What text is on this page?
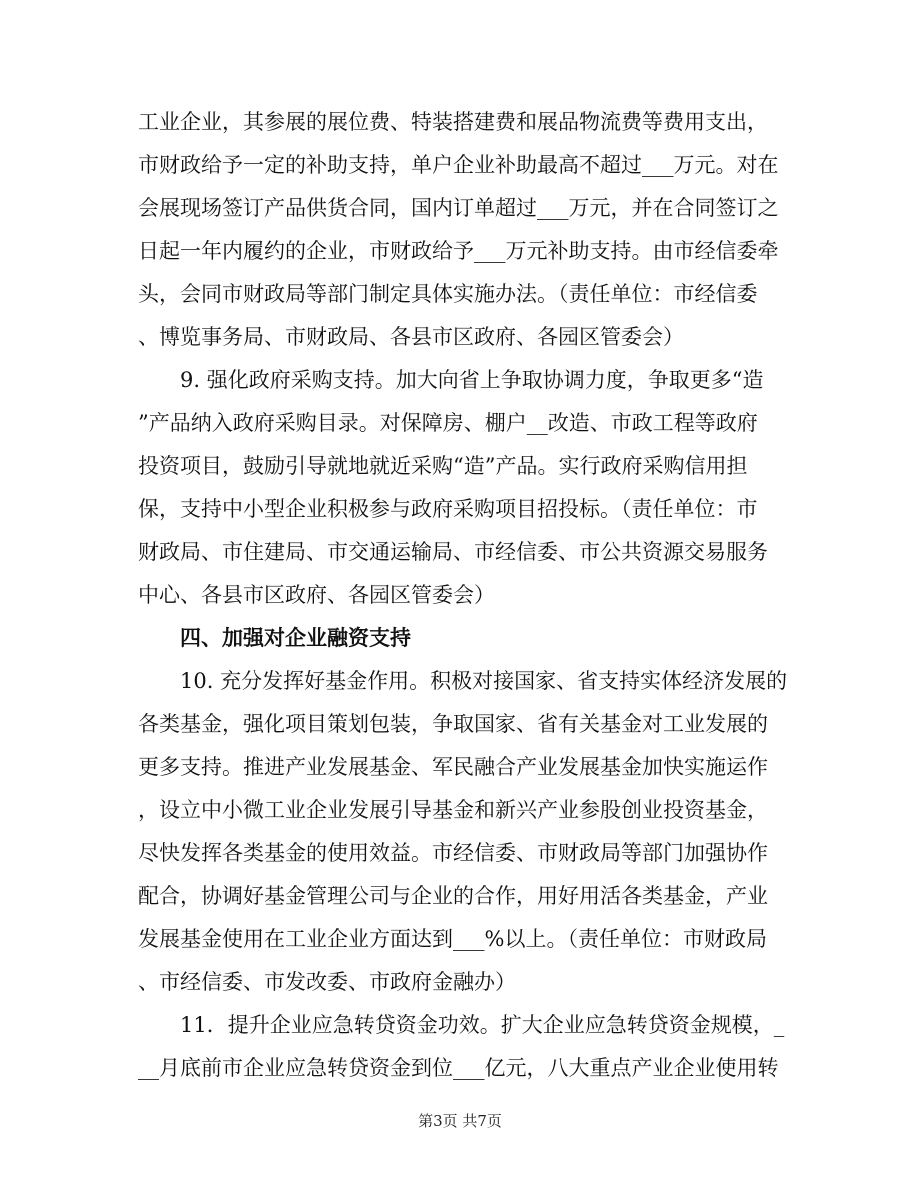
工业企业，其参展的展位费、特装搭建费和展品物流费等费用支出，
市财政给予一定的补助支持，单户企业补助最高不超过___万元。对在
会展现场签订产品供货合同，国内订单超过___万元，并在合同签订之
日起一年内履约的企业，市财政给予___万元补助支持。由市经信委牵
头，会同市财政局等部门制定具体实施办法。（责任单位：市经信委
、博览事务局、市财政局、各县市区政府、各园区管委会）
　　9. 强化政府采购支持。加大向省上争取协调力度，争取更多“造
”产品纳入政府采购目录。对保障房、棚户__改造、市政工程等政府
投资项目，鼓励引导就地就近采购“造”产品。实行政府采购信用担
保，支持中小型企业积极参与政府采购项目招投标。（责任单位：市
财政局、市住建局、市交通运输局、市经信委、市公共资源交易服务
中心、各县市区政府、各园区管委会）
　　四、加强对企业融资支持
　　10. 充分发挥好基金作用。积极对接国家、省支持实体经济发展的
各类基金，强化项目策划包装，争取国家、省有关基金对工业发展的
更多支持。推进产业发展基金、军民融合产业发展基金加快实施运作
，设立中小微工业企业发展引导基金和新兴产业参股创业投资基金，
尽快发挥各类基金的使用效益。市经信委、市财政局等部门加强协作
配合，协调好基金管理公司与企业的合作，用好用活各类基金，产业
发展基金使用在工业企业方面达到___%以上。（责任单位：市财政局
、市经信委、市发改委、市政府金融办）
　　11．提升企业应急转贷资金功效。扩大企业应急转贷资金规模，_
__月底前市企业应急转贷资金到位___亿元，八大重点产业企业使用转
第3页 共7页
